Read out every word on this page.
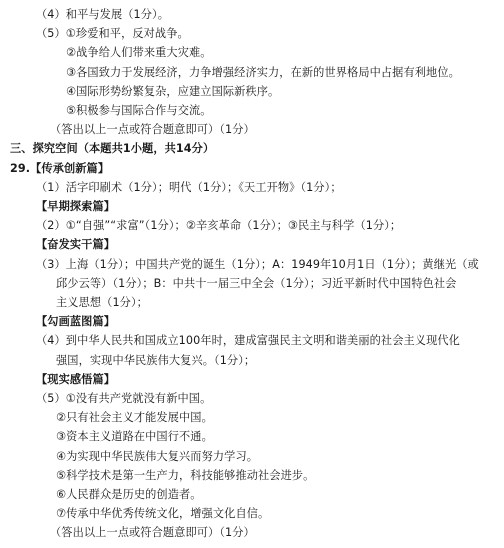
（4）和平与发展（1分）。
（5）①珍爱和平，反对战争。
②战争给人们带来重大灾难。
③各国致力于发展经济，力争增强经济实力，在新的世界格局中占据有利地位。
④国际形势纷繁复杂，应建立国际新秩序。
⑤积极参与国际合作与交流。
（答出以上一点或符合题意即可）（1分）
三、探究空间（本题共1小题，共14分）
29.【传承创新篇】
（1）活字印刷术（1分）；明代（1分）；《天工开物》（1分）；
【早期探索篇】
（2）①“自强”“求富”（1分）；②辛亥革命（1分）；③民主与科学（1分）；
【奋发实干篇】
（3）上海（1分）；中国共产党的诞生（1分）；A：1949年10月1日（1分）；黄继光（或
邱少云等）（1分）；B：中共十一届三中全会（1分）；习近平新时代中国特色社会
主义思想（1分）；
【勾画蓝图篇】
（4）到中华人民共和国成立100年时，建成富强民主文明和谐美丽的社会主义现代化
强国，实现中华民族伟大复兴。（1分）；
【现实感悟篇】
（5）①没有共产党就没有新中国。
②只有社会主义才能发展中国。
③资本主义道路在中国行不通。
④为实现中华民族伟大复兴而努力学习。
⑤科学技术是第一生产力，科技能够推动社会进步。
⑥人民群众是历史的创造者。
⑦传承中华优秀传统文化，增强文化自信。
（答出以上一点或符合题意即可）（1分）
